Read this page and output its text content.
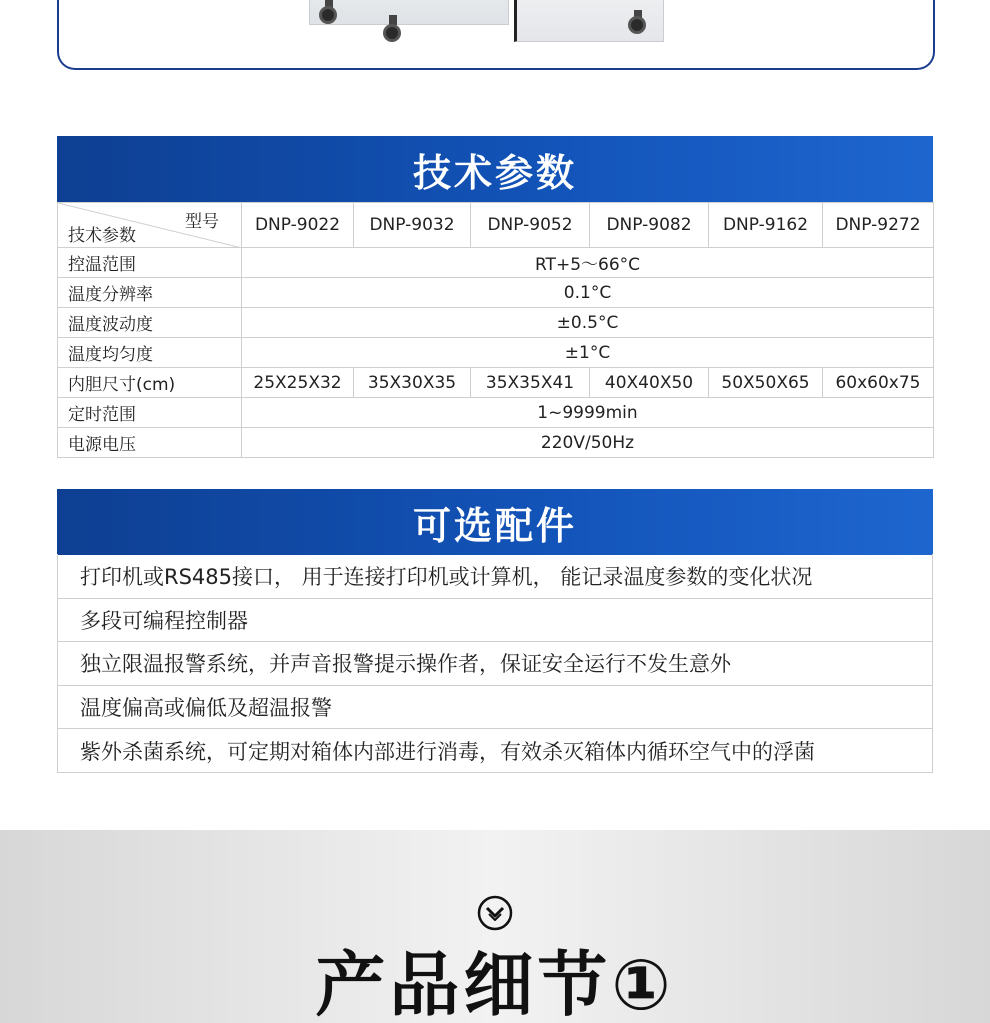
技术参数
型号
技术参数	DNP-9022	DNP-9032	DNP-9052	DNP-9082	DNP-9162	DNP-9272
控温范围	RT+5～66°C					
温度分辨率	0.1°C					
温度波动度	±0.5°C					
温度均匀度	±1°C					
内胆尺寸(cm)	25X25X32	35X30X35	35X35X41	40X40X50	50X50X65	60x60x75
定时范围	1~9999min					
电源电压	220V/50Hz					
可选配件
打印机或RS485接口， 用于连接打印机或计算机， 能记录温度参数的变化状况
多段可编程控制器
独立限温报警系统，并声音报警提示操作者，保证安全运行不发生意外
温度偏高或偏低及超温报警
紫外杀菌系统，可定期对箱体内部进行消毒，有效杀灭箱体内循环空气中的浮菌
产品细节①
